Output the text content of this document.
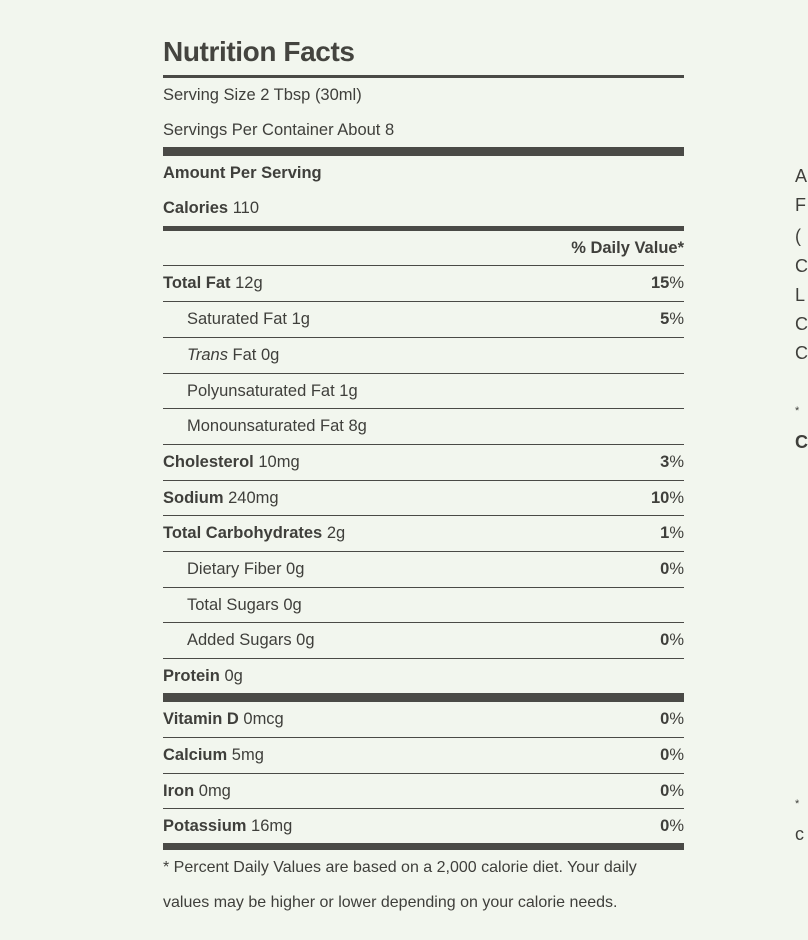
Nutrition Facts
Serving Size 2 Tbsp (30ml)
Servings Per Container About 8
Amount Per Serving
Calories 110
% Daily Value*
Total Fat 12g	15%
Saturated Fat 1g	5%
Trans Fat 0g
Polyunsaturated Fat 1g
Monounsaturated Fat 8g
Cholesterol 10mg	3%
Sodium 240mg	10%
Total Carbohydrates 2g	1%
Dietary Fiber 0g	0%
Total Sugars 0g
Added Sugars 0g	0%
Protein 0g
Vitamin D 0mcg	0%
Calcium 5mg	0%
Iron 0mg	0%
Potassium 16mg	0%

* Percent Daily Values are based on a 2,000 calorie diet. Your daily
values may be higher or lower depending on your calorie needs.

A
F
(
C
L
C
C
*
C
*
c
